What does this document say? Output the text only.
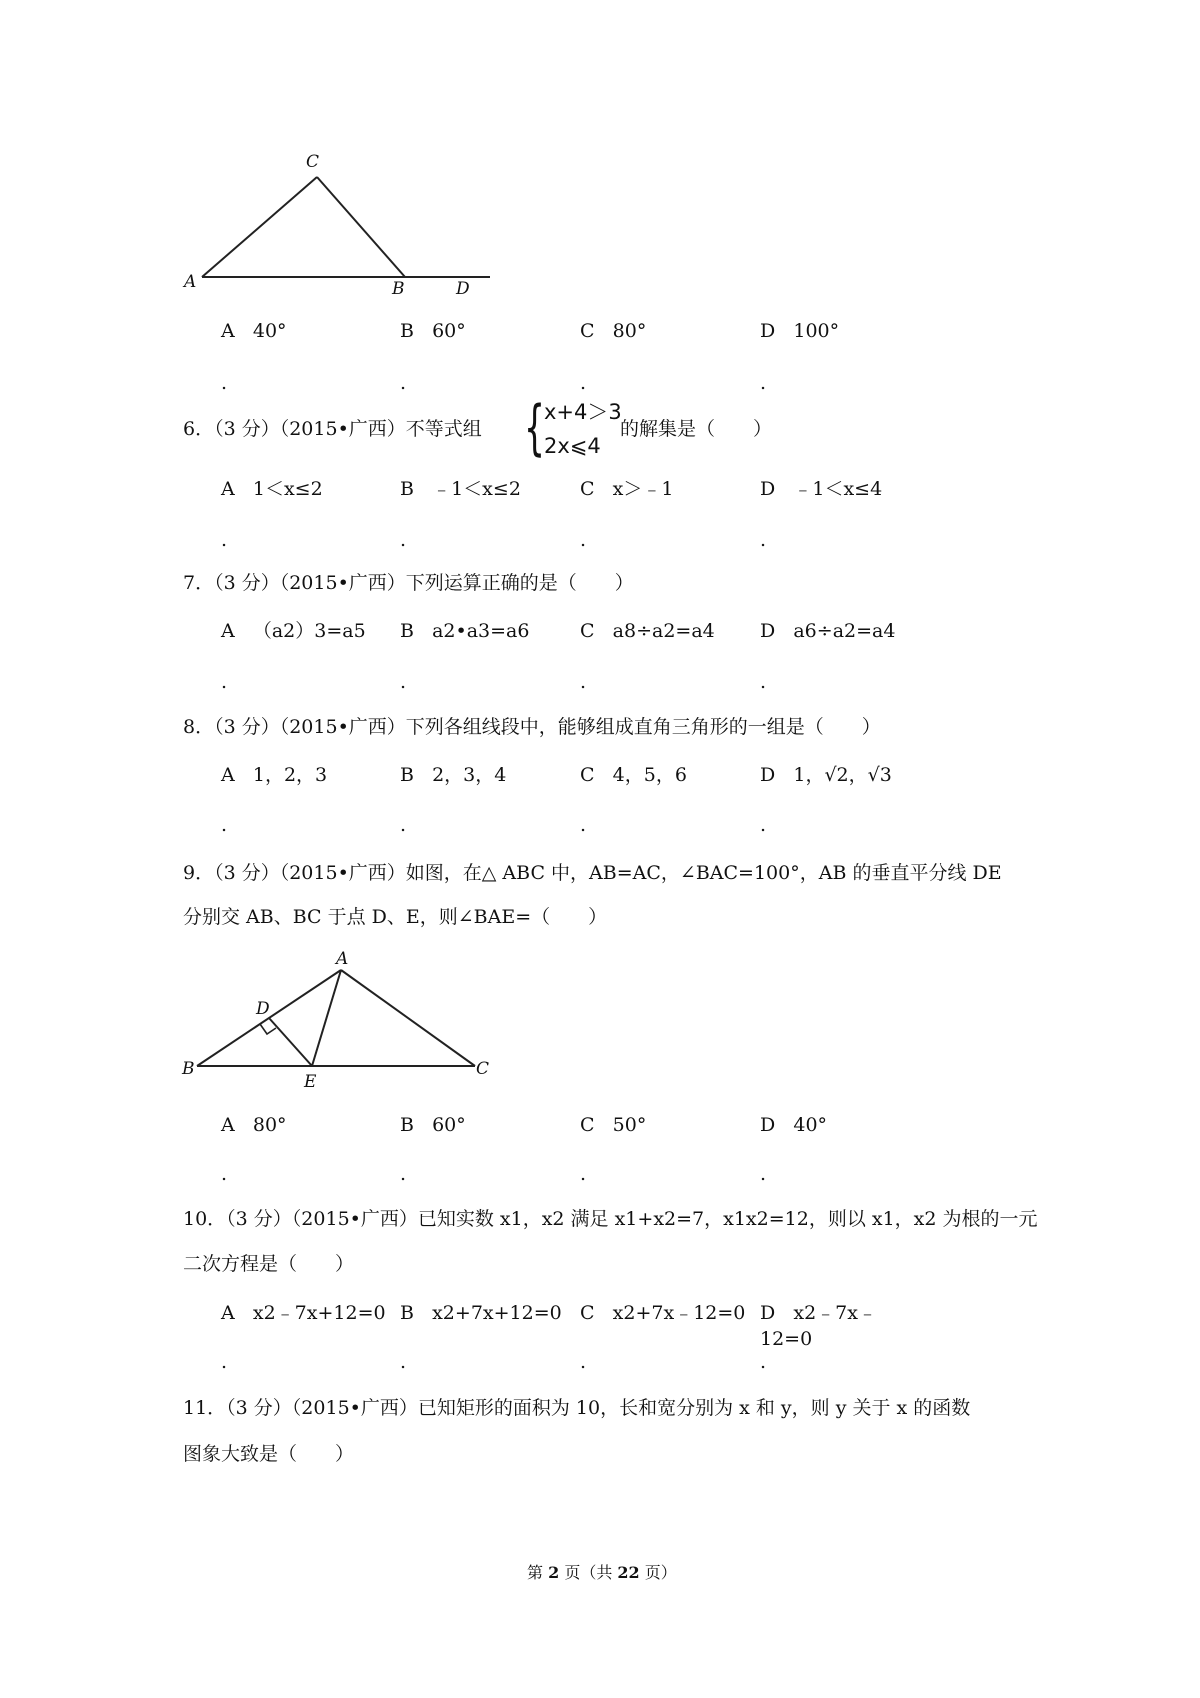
C
A	B	D
A 40°	B 60°	C 80°	D 100°
.	.	.	.
6．（3 分）（2015•广西）不等式组 {
x+4＞3
2x⩽4
的解集是（　　）
A 1＜x≤2	B ﹣1＜x≤2	C x＞﹣1	D ﹣1＜x≤4
.	.	.	.
7．（3 分）（2015•广西）下列运算正确的是（　　）
A （a2）3=a5 B a2•a3=a6	C a8÷a2=a4 D a6÷a2=a4
.	.	.	.
8．（3 分）（2015•广西）下列各组线段中，能够组成直角三角形的一组是（　　）
A 1，2，3	B 2，3，4	C 4，5，6	D 1，√2，√3
.	.	.	.
9．（3 分）（2015•广西）如图，在△ ABC 中，AB=AC，∠BAC=100°，AB 的垂直平分线 DE
分别交 AB、BC 于点 D、E，则∠BAE=（　　）
A
D
B
E
C
A 80°	B 60°	C 50°	D 40°
.	.	.	.
10．（3 分）（2015•广西）已知实数 x1，x2 满足 x1+x2=7，x1x2=12，则以 x1，x2 为根的一元
二次方程是（　　）
A x2﹣7x+12=0 B x2+7x+12=0 C x2+7x﹣12=0 D x2﹣7x﹣12=0
.	.	.	.
11．（3 分）（2015•广西）已知矩形的面积为 10，长和宽分别为 x 和 y，则 y 关于 x 的函数
图象大致是（　　）
第 2 页（共 22 页）
